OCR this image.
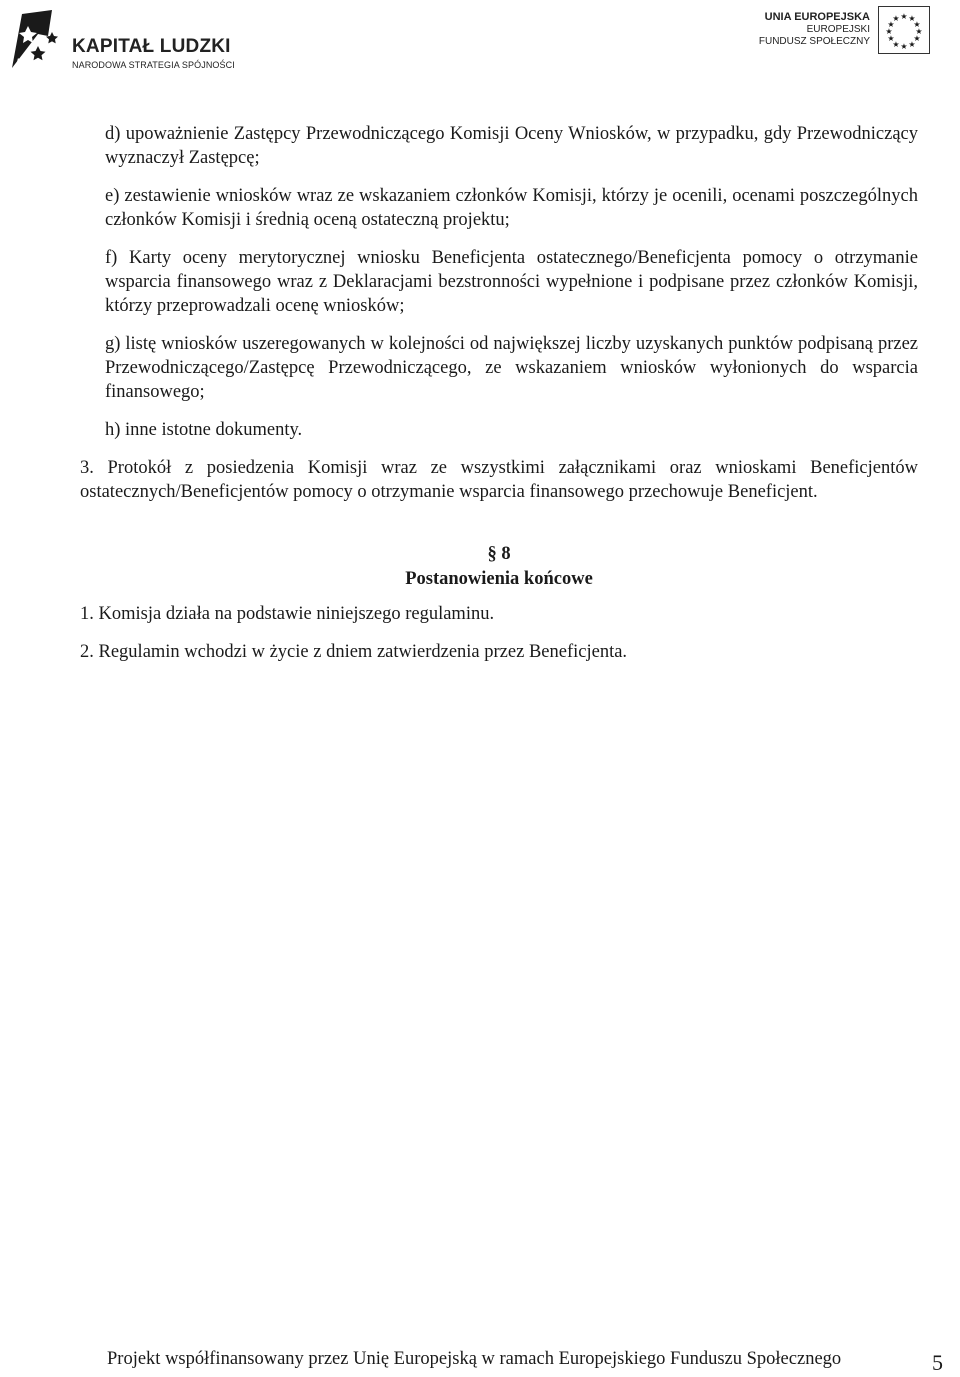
KAPITAŁ LUDZKI
NARODOWA STRATEGIA SPÓJNOŚCI
UNIA EUROPEJSKA
EUROPEJSKI
FUNDUSZ SPOŁECZNY
★ ★
★
★
★
★
★
★
★
★
★
★

d) upoważnienie Zastępcy Przewodniczącego Komisji Oceny Wniosków, w przypadku, gdy Przewodniczący wyznaczył Zastępcę;

e) zestawienie wniosków wraz ze wskazaniem członków Komisji, którzy je ocenili, ocenami poszczególnych członków Komisji i średnią oceną ostateczną projektu;

f) Karty oceny merytorycznej wniosku Beneficjenta ostatecznego/Beneficjenta pomocy o otrzymanie wsparcia finansowego wraz z Deklaracjami bezstronności wypełnione i podpisane przez członków Komisji, którzy przeprowadzali ocenę wniosków;

g) listę wniosków uszeregowanych w kolejności od największej liczby uzyskanych punktów podpisaną przez Przewodniczącego/Zastępcę Przewodniczącego, ze wskazaniem wniosków wyłonionych do wsparcia finansowego;

h) inne istotne dokumenty.

3. Protokół z posiedzenia Komisji wraz ze wszystkimi załącznikami oraz wnioskami Beneficjentów ostatecznych/Beneficjentów pomocy o otrzymanie wsparcia finansowego przechowuje Beneficjent.

§ 8

Postanowienia końcowe

1. Komisja działa na podstawie niniejszego regulaminu.

2. Regulamin wchodzi w życie z dniem zatwierdzenia przez Beneficjenta.

Projekt współfinansowany przez Unię Europejską w ramach Europejskiego Funduszu Społecznego	5
